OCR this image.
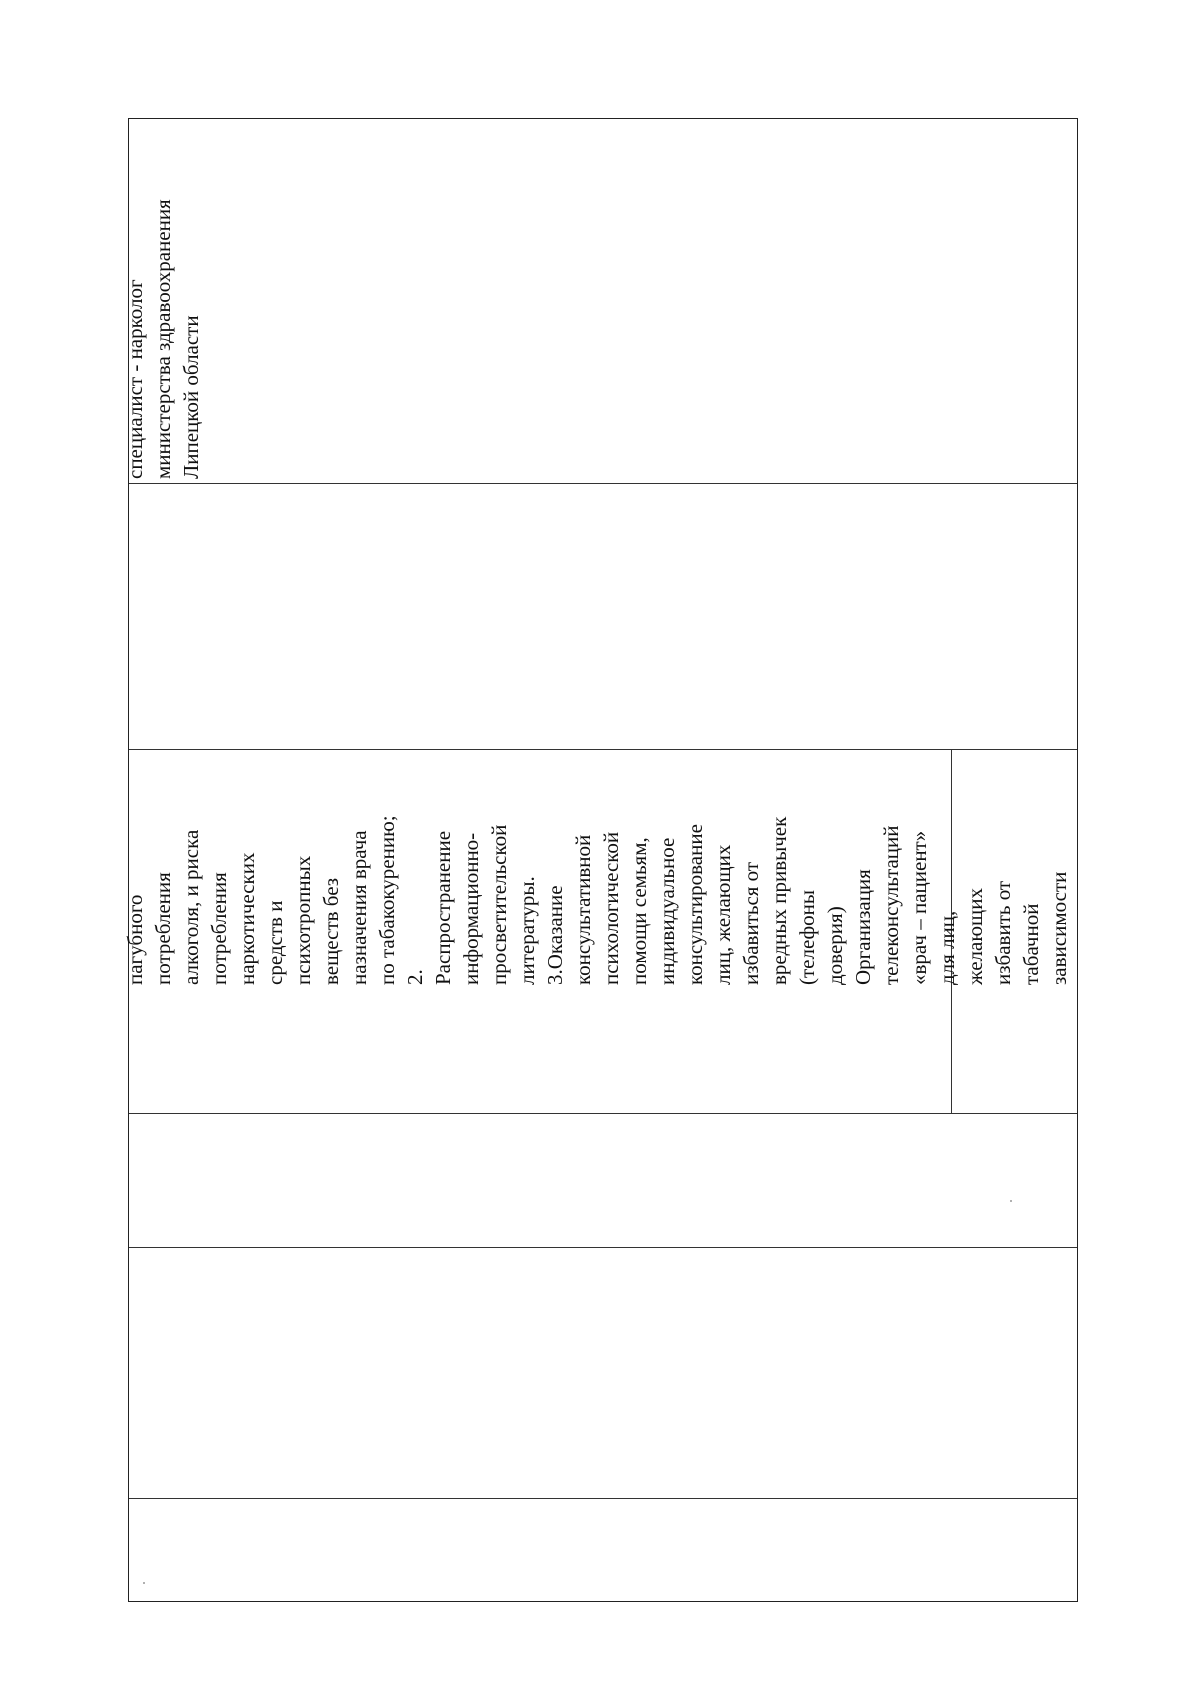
специалист - нарколог министерства здравоохранения Липецкой области
пагубного потребления алкоголя, и риска потребления наркотических средств и психотропных веществ без назначения врача по табакокурению; 2. Распространение информационно- просветительской литературы. 3.Оказание консультативной психологической помощи семьям, индивидуальное консультирование лиц, желающих избавиться от вредных привычек (телефоны доверия) Организация телеконсультаций «врач – пациент» для лиц, желающих избавить от табачной зависимости
